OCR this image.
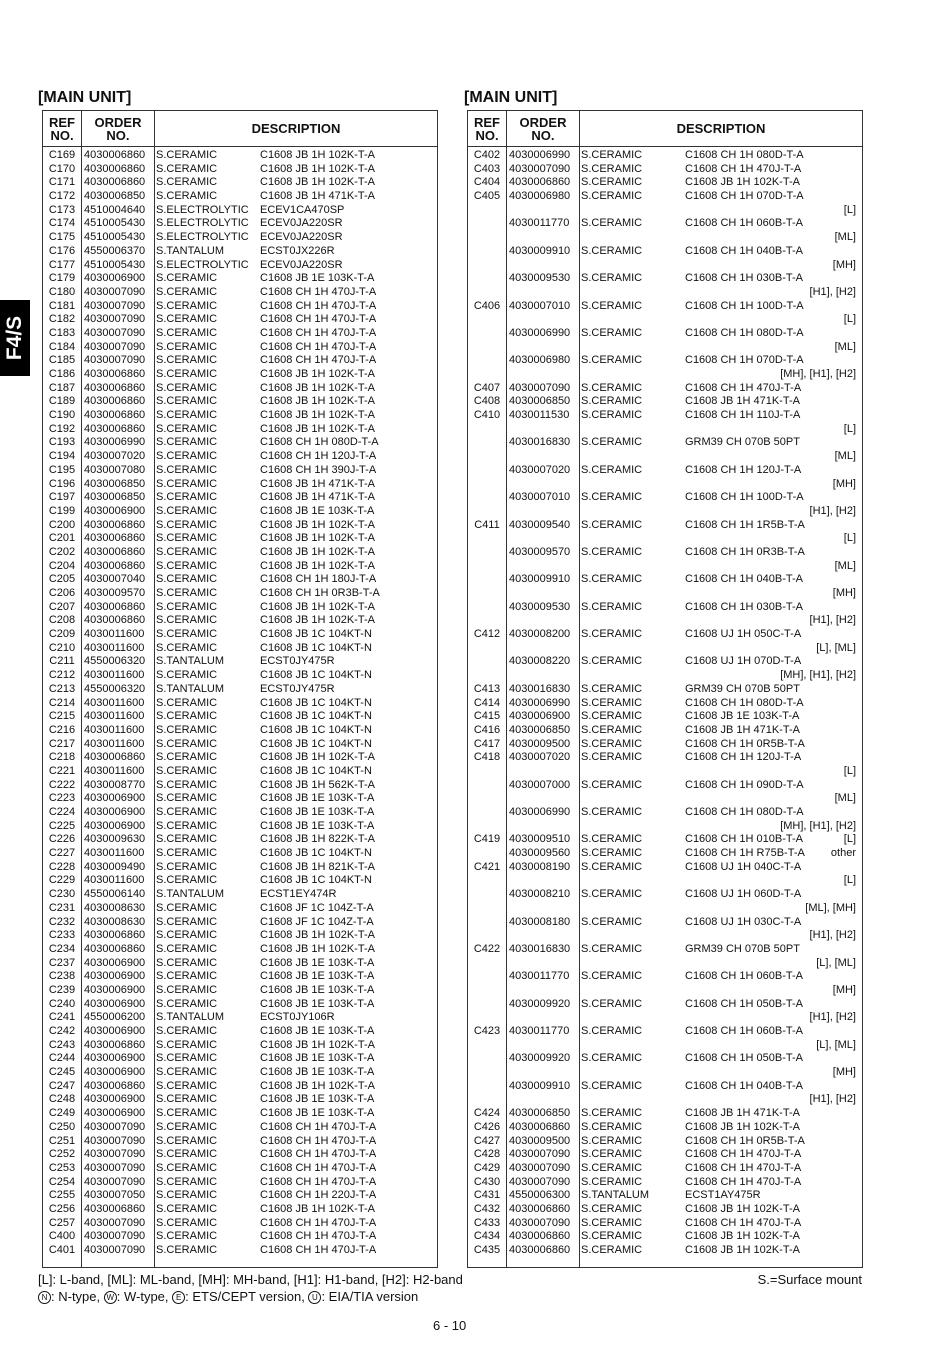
F4/S
[MAIN UNIT]	[MAIN UNIT]
REF
NO.
ORDER
NO.	DESCRIPTION
C169 4030006860 S.CERAMIC	C1608 JB 1H 102K-T-A
C170 4030006860 S.CERAMIC	C1608 JB 1H 102K-T-A
C171 4030006860 S.CERAMIC	C1608 JB 1H 102K-T-A
C172 4030006850 S.CERAMIC	C1608 JB 1H 471K-T-A
C173 4510004640 S.ELECTROLYTIC ECEV1CA470SP
C174 4510005430 S.ELECTROLYTIC ECEV0JA220SR
C175 4510005430 S.ELECTROLYTIC ECEV0JA220SR
C176 4550006370 S.TANTALUM	ECST0JX226R
C177 4510005430 S.ELECTROLYTIC ECEV0JA220SR
C179 4030006900 S.CERAMIC	C1608 JB 1E 103K-T-A
C180 4030007090 S.CERAMIC	C1608 CH 1H 470J-T-A
C181 4030007090 S.CERAMIC	C1608 CH 1H 470J-T-A
C182 4030007090 S.CERAMIC	C1608 CH 1H 470J-T-A
C183 4030007090 S.CERAMIC	C1608 CH 1H 470J-T-A
C184 4030007090 S.CERAMIC	C1608 CH 1H 470J-T-A
C185 4030007090 S.CERAMIC	C1608 CH 1H 470J-T-A
C186 4030006860 S.CERAMIC	C1608 JB 1H 102K-T-A
C187 4030006860 S.CERAMIC	C1608 JB 1H 102K-T-A
C189 4030006860 S.CERAMIC	C1608 JB 1H 102K-T-A
C190 4030006860 S.CERAMIC	C1608 JB 1H 102K-T-A
C192 4030006860 S.CERAMIC	C1608 JB 1H 102K-T-A
C193 4030006990 S.CERAMIC	C1608 CH 1H 080D-T-A
C194 4030007020 S.CERAMIC	C1608 CH 1H 120J-T-A
C195 4030007080 S.CERAMIC	C1608 CH 1H 390J-T-A
C196 4030006850 S.CERAMIC	C1608 JB 1H 471K-T-A
C197 4030006850 S.CERAMIC	C1608 JB 1H 471K-T-A
C199 4030006900 S.CERAMIC	C1608 JB 1E 103K-T-A
C200 4030006860 S.CERAMIC	C1608 JB 1H 102K-T-A
C201 4030006860 S.CERAMIC	C1608 JB 1H 102K-T-A
C202 4030006860 S.CERAMIC	C1608 JB 1H 102K-T-A
C204 4030006860 S.CERAMIC	C1608 JB 1H 102K-T-A
C205 4030007040 S.CERAMIC	C1608 CH 1H 180J-T-A
C206 4030009570 S.CERAMIC	C1608 CH 1H 0R3B-T-A
C207 4030006860 S.CERAMIC	C1608 JB 1H 102K-T-A
C208 4030006860 S.CERAMIC	C1608 JB 1H 102K-T-A
C209 4030011600 S.CERAMIC	C1608 JB 1C 104KT-N
C210 4030011600 S.CERAMIC	C1608 JB 1C 104KT-N
C211 4550006320 S.TANTALUM	ECST0JY475R
C212 4030011600 S.CERAMIC	C1608 JB 1C 104KT-N
C213 4550006320 S.TANTALUM	ECST0JY475R
C214 4030011600 S.CERAMIC	C1608 JB 1C 104KT-N
C215 4030011600 S.CERAMIC	C1608 JB 1C 104KT-N
C216 4030011600 S.CERAMIC	C1608 JB 1C 104KT-N
C217 4030011600 S.CERAMIC	C1608 JB 1C 104KT-N
C218 4030006860 S.CERAMIC	C1608 JB 1H 102K-T-A
C221 4030011600 S.CERAMIC	C1608 JB 1C 104KT-N
C222 4030008770 S.CERAMIC	C1608 JB 1H 562K-T-A
C223 4030006900 S.CERAMIC	C1608 JB 1E 103K-T-A
C224 4030006900 S.CERAMIC	C1608 JB 1E 103K-T-A
C225 4030006900 S.CERAMIC	C1608 JB 1E 103K-T-A
C226 4030009630 S.CERAMIC	C1608 JB 1H 822K-T-A
C227 4030011600 S.CERAMIC	C1608 JB 1C 104KT-N
C228 4030009490 S.CERAMIC	C1608 JB 1H 821K-T-A
C229 4030011600 S.CERAMIC	C1608 JB 1C 104KT-N
C230 4550006140 S.TANTALUM	ECST1EY474R
C231 4030008630 S.CERAMIC	C1608 JF 1C 104Z-T-A
C232 4030008630 S.CERAMIC	C1608 JF 1C 104Z-T-A
C233 4030006860 S.CERAMIC	C1608 JB 1H 102K-T-A
C234 4030006860 S.CERAMIC	C1608 JB 1H 102K-T-A
C237 4030006900 S.CERAMIC	C1608 JB 1E 103K-T-A
C238 4030006900 S.CERAMIC	C1608 JB 1E 103K-T-A
C239 4030006900 S.CERAMIC	C1608 JB 1E 103K-T-A
C240 4030006900 S.CERAMIC	C1608 JB 1E 103K-T-A
C241 4550006200 S.TANTALUM	ECST0JY106R
C242 4030006900 S.CERAMIC	C1608 JB 1E 103K-T-A
C243 4030006860 S.CERAMIC	C1608 JB 1H 102K-T-A
C244 4030006900 S.CERAMIC	C1608 JB 1E 103K-T-A
C245 4030006900 S.CERAMIC	C1608 JB 1E 103K-T-A
C247 4030006860 S.CERAMIC	C1608 JB 1H 102K-T-A
C248 4030006900 S.CERAMIC	C1608 JB 1E 103K-T-A
C249 4030006900 S.CERAMIC	C1608 JB 1E 103K-T-A
C250 4030007090 S.CERAMIC	C1608 CH 1H 470J-T-A
C251 4030007090 S.CERAMIC	C1608 CH 1H 470J-T-A
C252 4030007090 S.CERAMIC	C1608 CH 1H 470J-T-A
C253 4030007090 S.CERAMIC	C1608 CH 1H 470J-T-A
C254 4030007090 S.CERAMIC	C1608 CH 1H 470J-T-A
C255 4030007050 S.CERAMIC	C1608 CH 1H 220J-T-A
C256 4030006860 S.CERAMIC	C1608 JB 1H 102K-T-A
C257 4030007090 S.CERAMIC	C1608 CH 1H 470J-T-A
C400 4030007090 S.CERAMIC	C1608 CH 1H 470J-T-A
C401 4030007090 S.CERAMIC	C1608 CH 1H 470J-T-A
REF
NO.
ORDER
NO.	DESCRIPTION
C402 4030006990 S.CERAMIC	C1608 CH 1H 080D-T-A
C403 4030007090 S.CERAMIC	C1608 CH 1H 470J-T-A
C404 4030006860 S.CERAMIC	C1608 JB 1H 102K-T-A
C405 4030006980 S.CERAMIC	C1608 CH 1H 070D-T-A
[L]
4030011770 S.CERAMIC	C1608 CH 1H 060B-T-A
[ML]
4030009910 S.CERAMIC	C1608 CH 1H 040B-T-A
[MH]
4030009530 S.CERAMIC	C1608 CH 1H 030B-T-A
[H1], [H2]
C406 4030007010 S.CERAMIC	C1608 CH 1H 100D-T-A
[L]
4030006990 S.CERAMIC	C1608 CH 1H 080D-T-A
[ML]
4030006980 S.CERAMIC	C1608 CH 1H 070D-T-A
[MH], [H1], [H2]
C407 4030007090 S.CERAMIC	C1608 CH 1H 470J-T-A
C408 4030006850 S.CERAMIC	C1608 JB 1H 471K-T-A
C410 4030011530 S.CERAMIC	C1608 CH 1H 110J-T-A
[L]
4030016830 S.CERAMIC	GRM39 CH 070B 50PT
[ML]
4030007020 S.CERAMIC	C1608 CH 1H 120J-T-A
[MH]
4030007010 S.CERAMIC	C1608 CH 1H 100D-T-A
[H1], [H2]
C411 4030009540 S.CERAMIC	C1608 CH 1H 1R5B-T-A
[L]
4030009570 S.CERAMIC	C1608 CH 1H 0R3B-T-A
[ML]
4030009910 S.CERAMIC	C1608 CH 1H 040B-T-A
[MH]
4030009530 S.CERAMIC	C1608 CH 1H 030B-T-A
[H1], [H2]
C412 4030008200 S.CERAMIC	C1608 UJ 1H 050C-T-A
[L], [ML]
4030008220 S.CERAMIC	C1608 UJ 1H 070D-T-A
[MH], [H1], [H2]
C413 4030016830 S.CERAMIC	GRM39 CH 070B 50PT
C414 4030006990 S.CERAMIC	C1608 CH 1H 080D-T-A
C415 4030006900 S.CERAMIC	C1608 JB 1E 103K-T-A
C416 4030006850 S.CERAMIC	C1608 JB 1H 471K-T-A
C417 4030009500 S.CERAMIC	C1608 CH 1H 0R5B-T-A
C418 4030007020 S.CERAMIC	C1608 CH 1H 120J-T-A
[L]
4030007000 S.CERAMIC	C1608 CH 1H 090D-T-A
[ML]
4030006990 S.CERAMIC	C1608 CH 1H 080D-T-A
[MH], [H1], [H2]
C419 4030009510 S.CERAMIC	C1608 CH 1H 010B-T-A	[L]
4030009560 S.CERAMIC	C1608 CH 1H R75B-T-A other
C421 4030008190 S.CERAMIC	C1608 UJ 1H 040C-T-A
[L]
4030008210 S.CERAMIC	C1608 UJ 1H 060D-T-A
[ML], [MH]
4030008180 S.CERAMIC	C1608 UJ 1H 030C-T-A
[H1], [H2]
C422 4030016830 S.CERAMIC	GRM39 CH 070B 50PT
[L], [ML]
4030011770 S.CERAMIC	C1608 CH 1H 060B-T-A
[MH]
4030009920 S.CERAMIC	C1608 CH 1H 050B-T-A
[H1], [H2]
C423 4030011770 S.CERAMIC	C1608 CH 1H 060B-T-A
[L], [ML]
4030009920 S.CERAMIC	C1608 CH 1H 050B-T-A
[MH]
4030009910 S.CERAMIC	C1608 CH 1H 040B-T-A
[H1], [H2]
C424 4030006850 S.CERAMIC	C1608 JB 1H 471K-T-A
C426 4030006860 S.CERAMIC	C1608 JB 1H 102K-T-A
C427 4030009500 S.CERAMIC	C1608 CH 1H 0R5B-T-A
C428 4030007090 S.CERAMIC	C1608 CH 1H 470J-T-A
C429 4030007090 S.CERAMIC	C1608 CH 1H 470J-T-A
C430 4030007090 S.CERAMIC	C1608 CH 1H 470J-T-A
C431 4550006300 S.TANTALUM	ECST1AY475R
C432 4030006860 S.CERAMIC	C1608 JB 1H 102K-T-A
C433 4030007090 S.CERAMIC	C1608 CH 1H 470J-T-A
C434 4030006860 S.CERAMIC	C1608 JB 1H 102K-T-A
C435 4030006860 S.CERAMIC	C1608 JB 1H 102K-T-A
[L]: L-band, [ML]: ML-band, [MH]: MH-band, [H1]: H1-band, [H2]: H2-band	S.=Surface mount
N : N-type, W : W-type, E : ETS/CEPT version, U : EIA/TIA version
6 - 10
